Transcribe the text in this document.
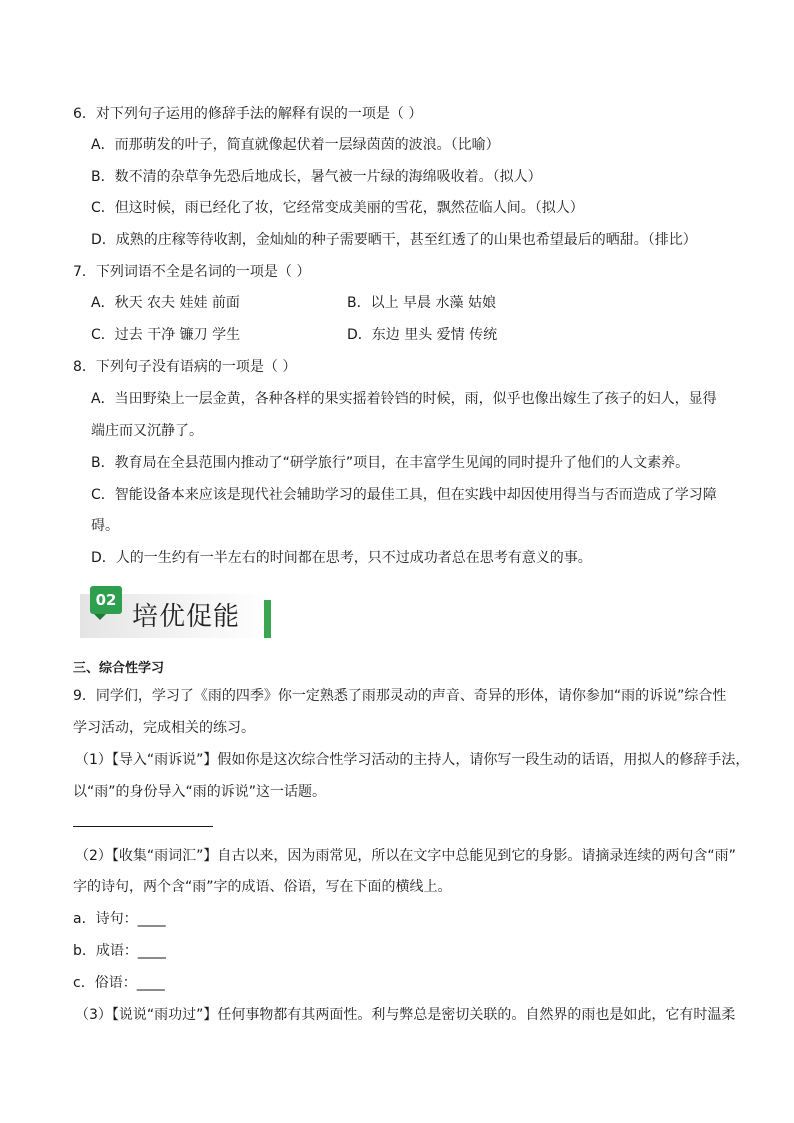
6．对下列句子运用的修辞手法的解释有误的一项是（ ）
A．而那萌发的叶子，简直就像起伏着一层绿茵茵的波浪。（比喻）
B．数不清的杂草争先恐后地成长，暑气被一片绿的海绵吸收着。（拟人）
C．但这时候，雨已经化了妆，它经常变成美丽的雪花，飘然莅临人间。（拟人）
D．成熟的庄稼等待收割，金灿灿的种子需要晒干，甚至红透了的山果也希望最后的晒甜。（排比）
7．下列词语不全是名词的一项是（ ）
A．秋天 农夫 娃娃 前面	B．以上 早晨 水藻 姑娘
C．过去 干净 镰刀 学生	D．东边 里头 爱情 传统
8．下列句子没有语病的一项是（ ）
A．当田野染上一层金黄，各种各样的果实摇着铃铛的时候，雨，似乎也像出嫁生了孩子的妇人，显得
端庄而又沉静了。
B．教育局在全县范围内推动了“研学旅行”项目，在丰富学生见闻的同时提升了他们的人文素养。
C．智能设备本来应该是现代社会辅助学习的最佳工具，但在实践中却因使用得当与否而造成了学习障
碍。
D．人的一生约有一半左右的时间都在思考，只不过成功者总在思考有意义的事。
02
培优促能
三、综合性学习
9．同学们，学习了《雨的四季》你一定熟悉了雨那灵动的声音、奇异的形体，请你参加“雨的诉说”综合性
学习活动，完成相关的练习。
（1）【导入“雨诉说”】假如你是这次综合性学习活动的主持人，请你写一段生动的话语，用拟人的修辞手法，
以“雨”的身份导入“雨的诉说”这一话题。
（2）【收集“雨词汇”】自古以来，因为雨常见，所以在文字中总能见到它的身影。请摘录连续的两句含“雨”
字的诗句，两个含“雨”字的成语、俗语，写在下面的横线上。
a．诗句：____
b．成语：____
c．俗语：____
（3）【说说“雨功过”】任何事物都有其两面性。利与弊总是密切关联的。自然界的雨也是如此，它有时温柔
